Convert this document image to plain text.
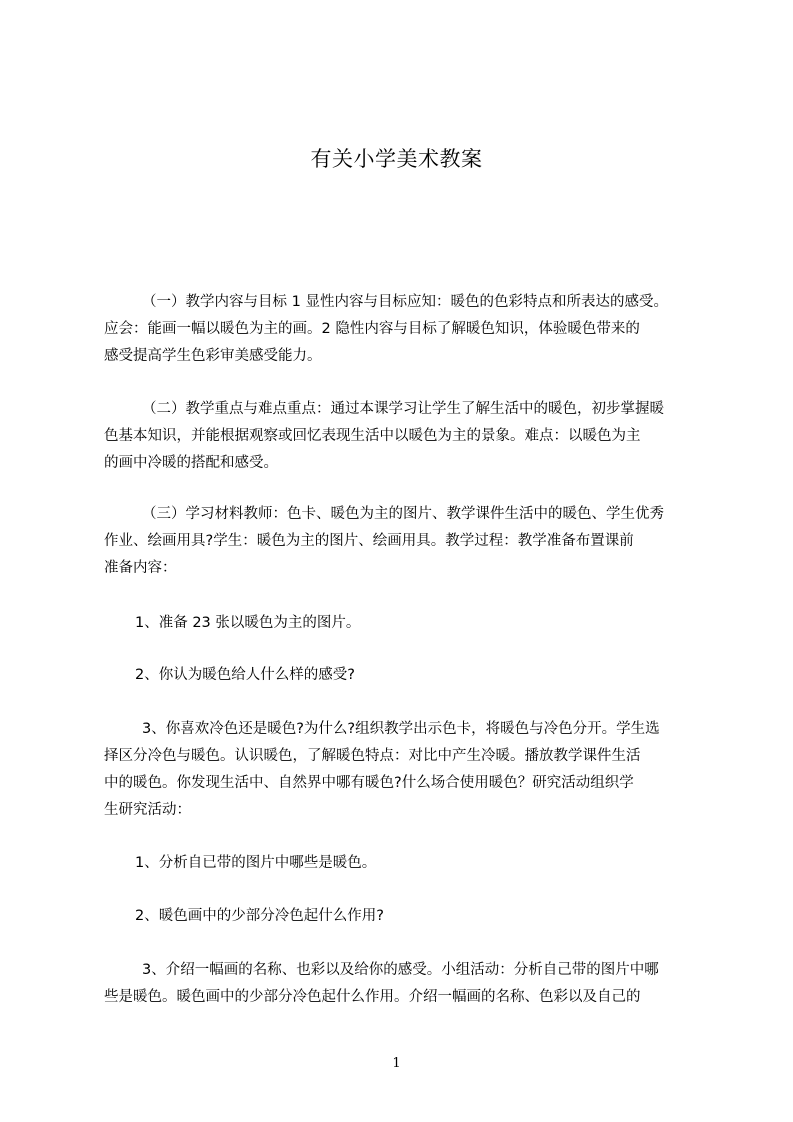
有关小学美术教案
（一）教学内容与目标 1 显性内容与目标应知：暖色的色彩特点和所表达的感受。
应会：能画一幅以暖色为主的画。2 隐性内容与目标了解暖色知识，体验暖色带来的
感受提高学生色彩审美感受能力。
（二）教学重点与难点重点：通过本课学习让学生了解生活中的暖色，初步掌握暖
色基本知识，并能根据观察或回忆表现生活中以暖色为主的景象。难点：以暖色为主
的画中冷暖的搭配和感受。
（三）学习材料教师：色卡、暖色为主的图片、教学课件生活中的暖色、学生优秀
作业、绘画用具?学生：暖色为主的图片、绘画用具。教学过程：教学准备布置课前
准备内容：
1、准备 23 张以暖色为主的图片。
2、你认为暖色给人什么样的感受?
3、你喜欢冷色还是暖色?为什么?组织教学出示色卡，将暖色与冷色分开。学生选
择区分冷色与暖色。认识暖色，了解暖色特点：对比中产生冷暖。播放教学课件生活
中的暖色。你发现生活中、自然界中哪有暖色?什么场合使用暖色？研究活动组织学
生研究活动：
1、分析自已带的图片中哪些是暖色。
2、暖色画中的少部分冷色起什么作用?
3、介绍一幅画的名称、也彩以及给你的感受。小组活动：分析自己带的图片中哪
些是暖色。暖色画中的少部分冷色起什么作用。介绍一幅画的名称、色彩以及自己的
1
